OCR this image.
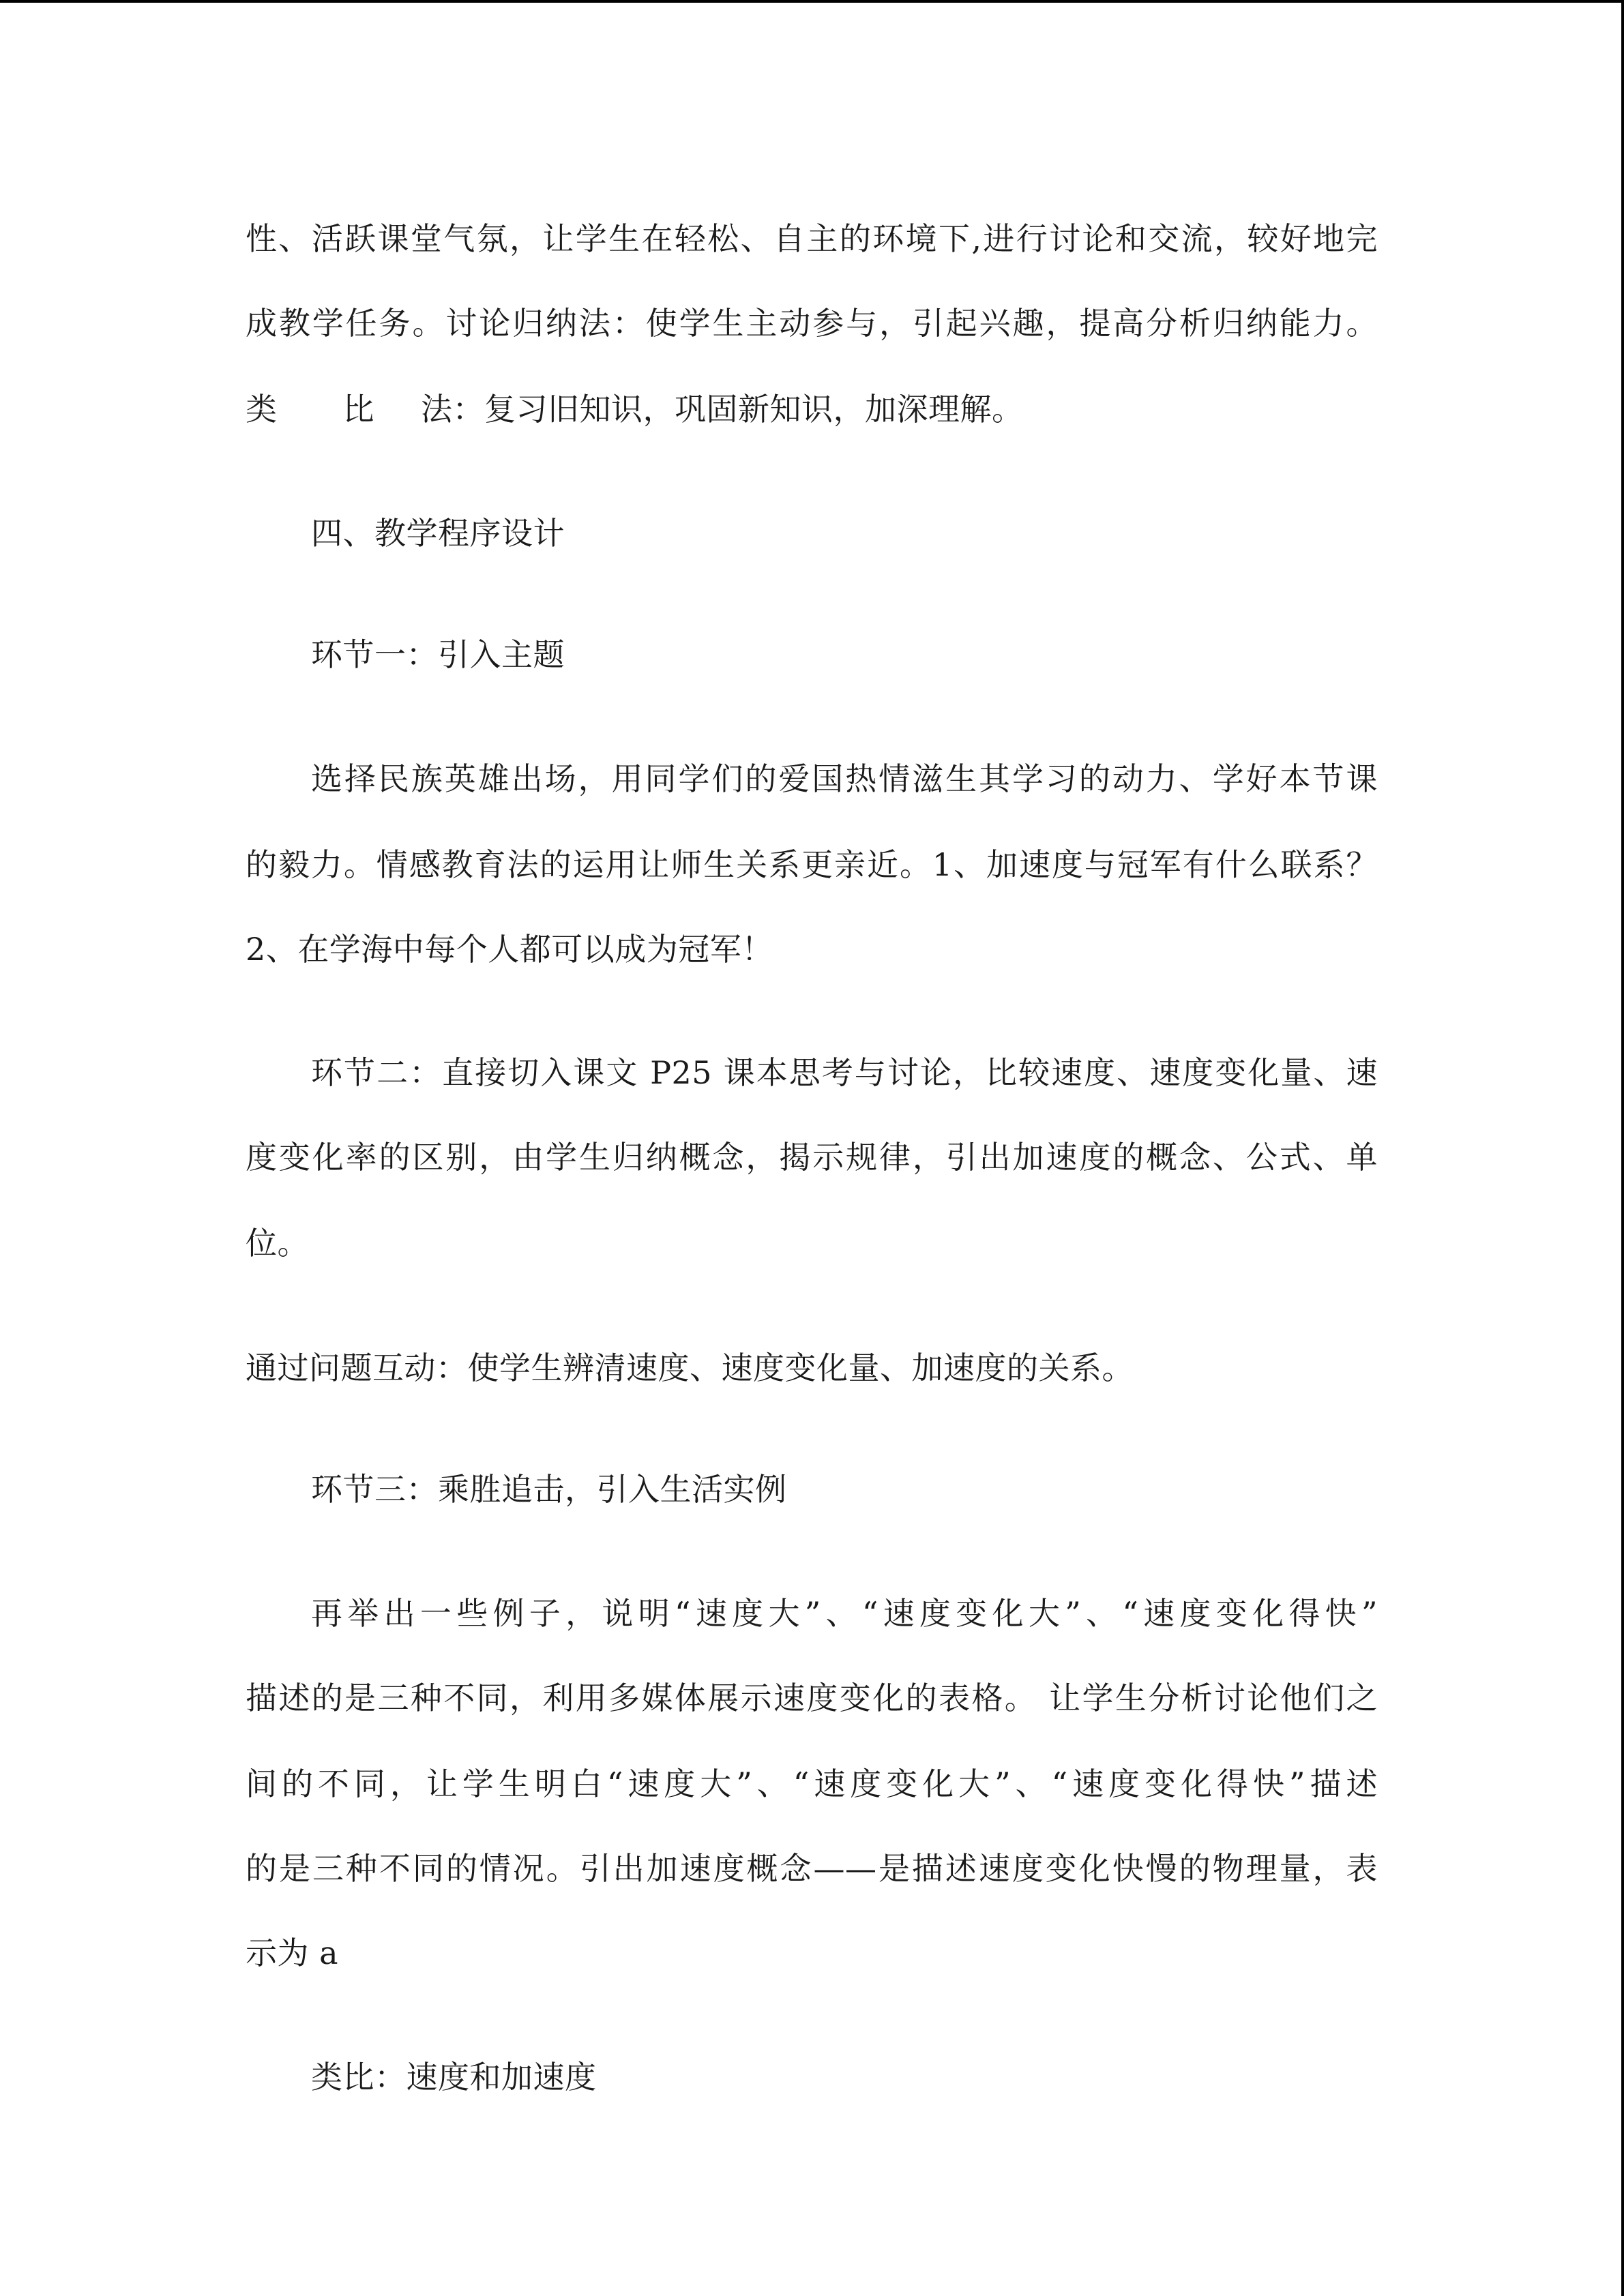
性、活跃课堂气氛，让学生在轻松、自主的环境下,进行讨论和交流，较好地完
成教学任务。讨论归纳法：使学生主动参与，引起兴趣，提高分析归纳能力。
类 比 法：复习旧知识，巩固新知识，加深理解。
四、教学程序设计
环节一：引入主题
选择民族英雄出场，用同学们的爱国热情滋生其学习的动力、学好本节课
的毅力。情感教育法的运用让师生关系更亲近。1、加速度与冠军有什么联系？
2、在学海中每个人都可以成为冠军！
环节二：直接切入课文 P25 课本思考与讨论，比较速度、速度变化量、速
度变化率的区别，由学生归纳概念，揭示规律，引出加速度的概念、公式、单
位。
通过问题互动：使学生辨清速度、速度变化量、加速度的关系。
环节三：乘胜追击，引入生活实例
再举出一些例子，说明“速度大”、“速度变化大”、“速度变化得快”
描述的是三种不同，利用多媒体展示速度变化的表格。 让学生分析讨论他们之
间的不同，让学生明白“速度大”、“速度变化大”、“速度变化得快”描述
的是三种不同的情况。引出加速度概念——是描述速度变化快慢的物理量，表
示为 a
类比：速度和加速度
